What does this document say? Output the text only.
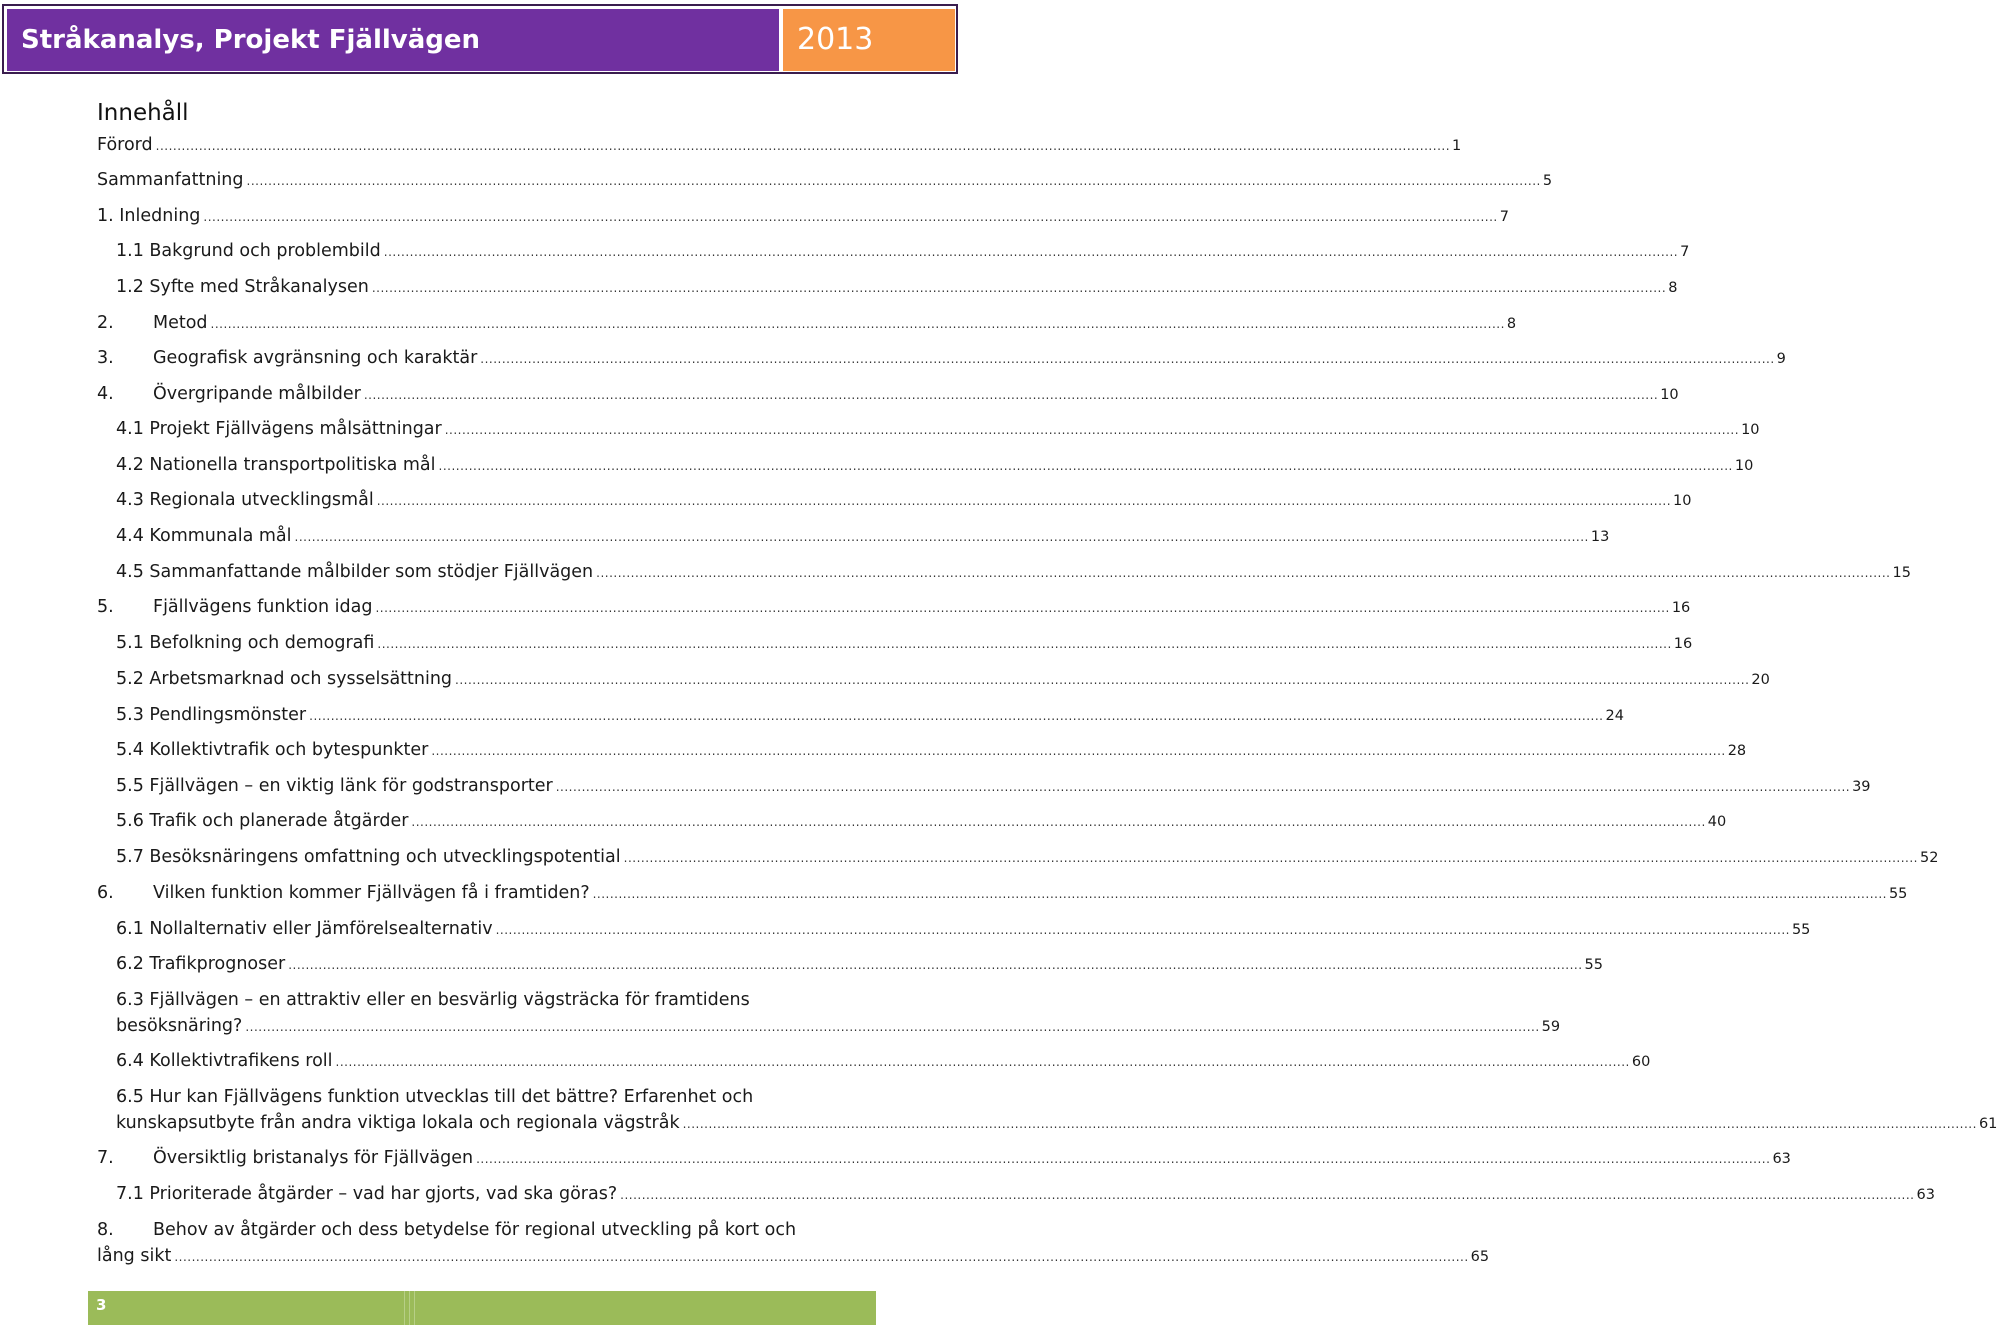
Stråkanalys, Projekt Fjällvägen	2013
Innehåll
Förord ............................................................................................................................................................................................................................................................................................................ 1
Sammanfattning ............................................................................................................................................................................................................................................................................................................ 5
1. Inledning ............................................................................................................................................................................................................................................................................................................ 7
1.1 Bakgrund och problembild ............................................................................................................................................................................................................................................................................................................ 7
1.2 Syfte med Stråkanalysen ............................................................................................................................................................................................................................................................................................................ 8
2.	Metod ............................................................................................................................................................................................................................................................................................................ 8
3.	Geografisk avgränsning och karaktär ............................................................................................................................................................................................................................................................................................................ 9
4.	Övergripande målbilder ............................................................................................................................................................................................................................................................................................................ 10
4.1 Projekt Fjällvägens målsättningar ............................................................................................................................................................................................................................................................................................................ 10
4.2 Nationella transportpolitiska mål ............................................................................................................................................................................................................................................................................................................ 10
4.3 Regionala utvecklingsmål ............................................................................................................................................................................................................................................................................................................ 10
4.4 Kommunala mål ............................................................................................................................................................................................................................................................................................................ 13
4.5 Sammanfattande målbilder som stödjer Fjällvägen ............................................................................................................................................................................................................................................................................................................ 15
5.	Fjällvägens funktion idag ............................................................................................................................................................................................................................................................................................................ 16
5.1 Befolkning och demografi ............................................................................................................................................................................................................................................................................................................ 16
5.2 Arbetsmarknad och sysselsättning ............................................................................................................................................................................................................................................................................................................ 20
5.3 Pendlingsmönster ............................................................................................................................................................................................................................................................................................................ 24
5.4 Kollektivtrafik och bytespunkter ............................................................................................................................................................................................................................................................................................................ 28
5.5 Fjällvägen – en viktig länk för godstransporter ............................................................................................................................................................................................................................................................................................................ 39
5.6 Trafik och planerade åtgärder ............................................................................................................................................................................................................................................................................................................ 40
5.7 Besöksnäringens omfattning och utvecklingspotential ............................................................................................................................................................................................................................................................................................................ 52
6.	Vilken funktion kommer Fjällvägen få i framtiden? ............................................................................................................................................................................................................................................................................................................ 55
6.1 Nollalternativ eller Jämförelsealternativ ............................................................................................................................................................................................................................................................................................................ 55
6.2 Trafikprognoser ............................................................................................................................................................................................................................................................................................................ 55
6.3 Fjällvägen – en attraktiv eller en besvärlig vägsträcka för framtidens
besöksnäring? ............................................................................................................................................................................................................................................................................................................ 59
6.4 Kollektivtrafikens roll ............................................................................................................................................................................................................................................................................................................ 60
6.5 Hur kan Fjällvägens funktion utvecklas till det bättre? Erfarenhet och
kunskapsutbyte från andra viktiga lokala och regionala vägstråk ............................................................................................................................................................................................................................................................................................................ 61
7.	Översiktlig bristanalys för Fjällvägen ............................................................................................................................................................................................................................................................................................................ 63
7.1 Prioriterade åtgärder – vad har gjorts, vad ska göras? ............................................................................................................................................................................................................................................................................................................ 63
8. Behov av åtgärder och dess betydelse för regional utveckling på kort och
lång sikt ............................................................................................................................................................................................................................................................................................................ 65
3
